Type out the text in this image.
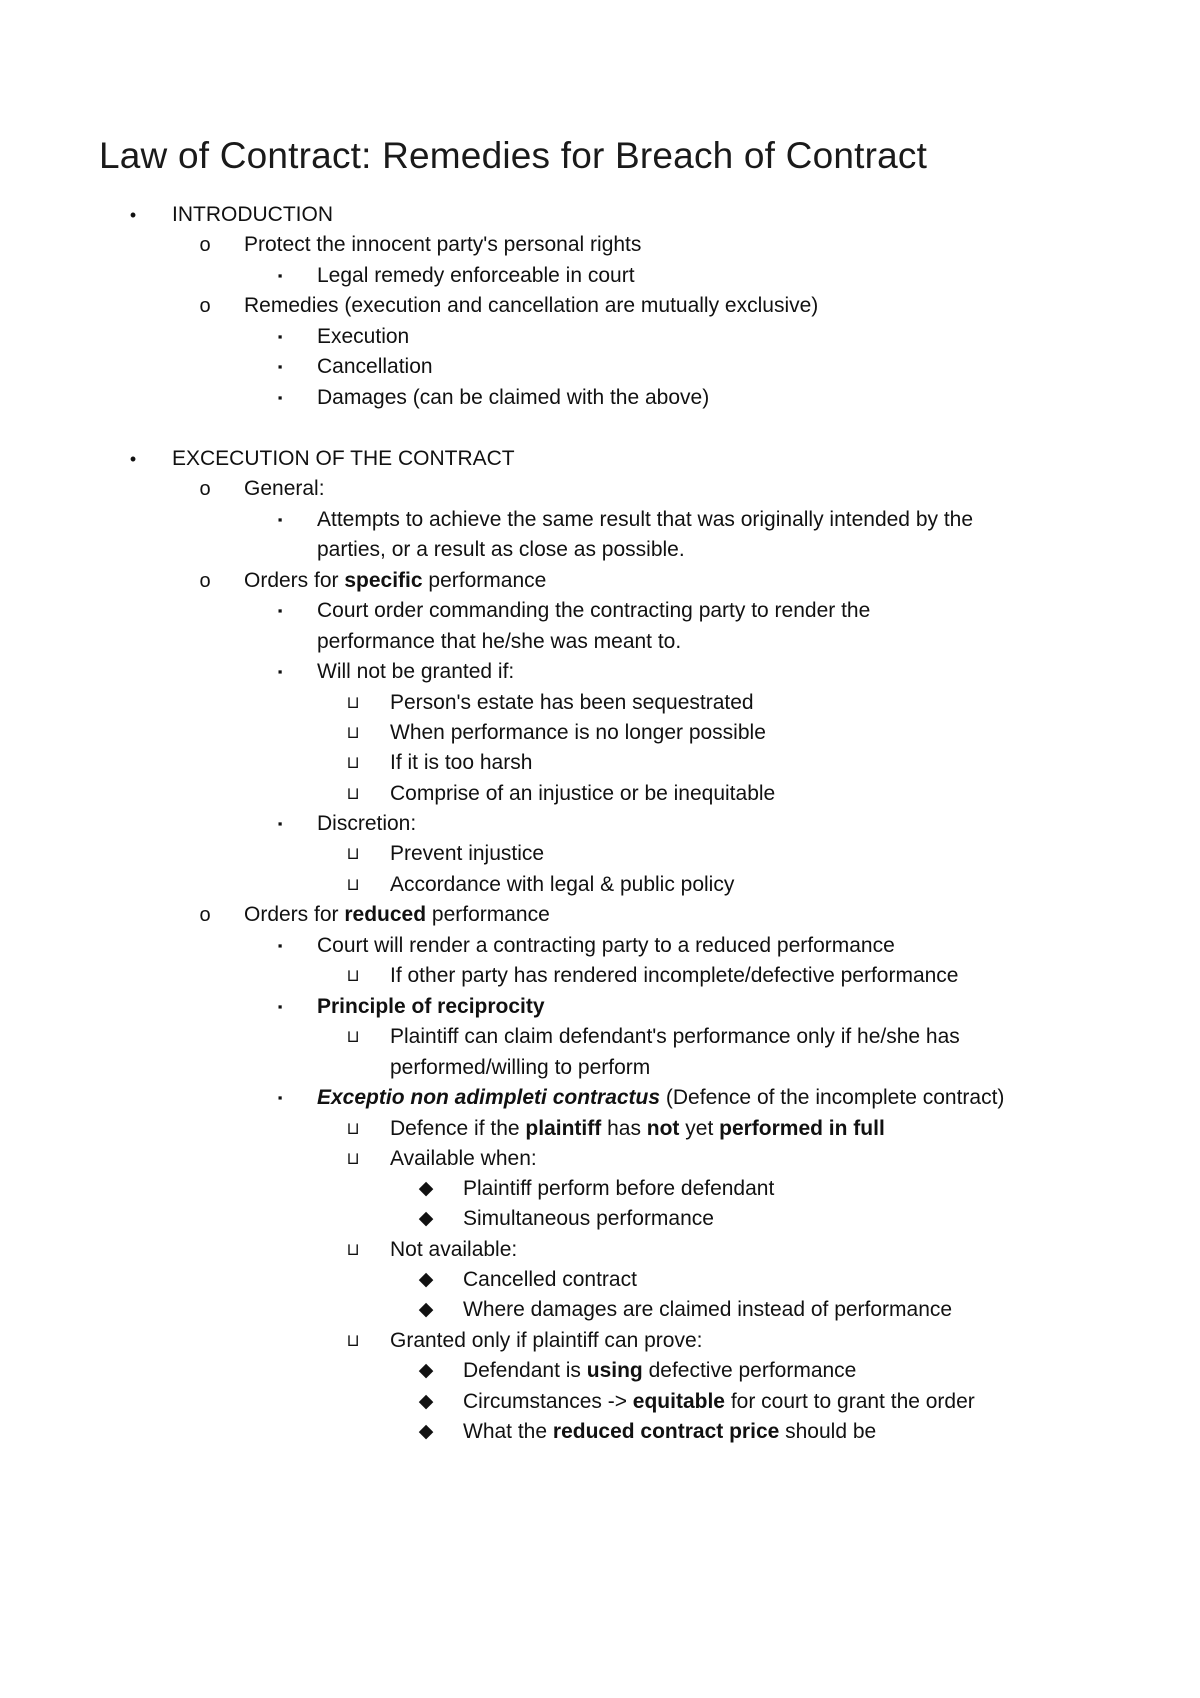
Law of Contract: Remedies for Breach of Contract
•	INTRODUCTION
o	Protect the innocent party's personal rights
▪	Legal remedy enforceable in court
o	Remedies (execution and cancellation are mutually exclusive)
▪	Execution
▪	Cancellation
▪	Damages (can be claimed with the above)
•	EXCECUTION OF THE CONTRACT
o	General:
▪	Attempts to achieve the same result that was originally intended by the
parties, or a result as close as possible.
o	Orders for specific performance
▪	Court order commanding the contracting party to render the
performance that he/she was meant to.
▪	Will not be granted if:
⊔ Person's estate has been sequestrated
⊔ When performance is no longer possible
⊔ If it is too harsh
⊔ Comprise of an injustice or be inequitable
▪	Discretion:
⊔ Prevent injustice
⊔ Accordance with legal & public policy
o	Orders for reduced performance
▪	Court will render a contracting party to a reduced performance
⊔ If other party has rendered incomplete/defective performance
▪	Principle of reciprocity
⊔ Plaintiff can claim defendant's performance only if he/she has
performed/willing to perform
▪	Exceptio non adimpleti contractus (Defence of the incomplete contract)
⊔ Defence if the plaintiff has not yet performed in full
⊔ Available when:
◆ Plaintiff perform before defendant
◆ Simultaneous performance
⊔ Not available:
◆ Cancelled contract
◆ Where damages are claimed instead of performance
⊔ Granted only if plaintiff can prove:
◆ Defendant is using defective performance
◆ Circumstances -> equitable for court to grant the order
◆ What the reduced contract price should be
